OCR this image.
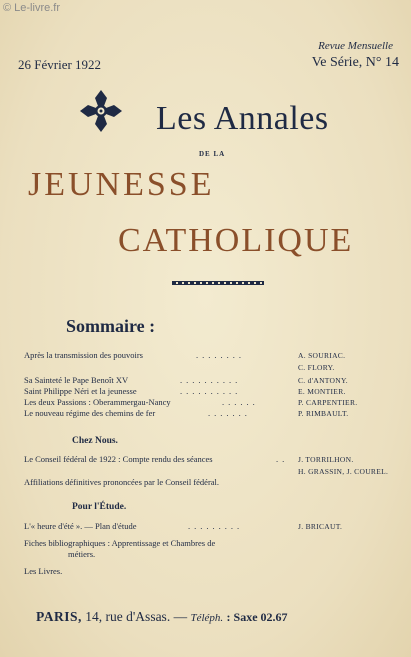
© Le-livre.fr
26 Février 1922
Revue Mensuelle
Ve Série, N° 14
Les Annales
DE LA
JEUNESSE
CATHOLIQUE
Sommaire :
Après la transmission des pouvoirs	........	A. SOURIAC.
C. FLORY.
Sa Sainteté le Pape Benoît XV	..........	C. d'ANTONY.
Saint Philippe Néri et la jeunesse	..........	E. MONTIER.
Les deux Passions : Oberammergau-Nancy	......	P. CARPENTIER.
Le nouveau régime des chemins de fer	.......	P. RIMBAULT.
Chez Nous.
Le Conseil fédéral de 1922 : Compte rendu des séances	.. J. TORRILHON.
H. GRASSIN, J. COUREL.
Affiliations définitives prononcées par le Conseil fédéral.
Pour l'Étude.
L'« heure d'été ». — Plan d'étude	.........	J. BRICAUT.
Fiches bibliographiques : Apprentissage et Chambres de
métiers.
Les Livres.
PARIS, 14, rue d'Assas. — Téléph. : Saxe 02.67
